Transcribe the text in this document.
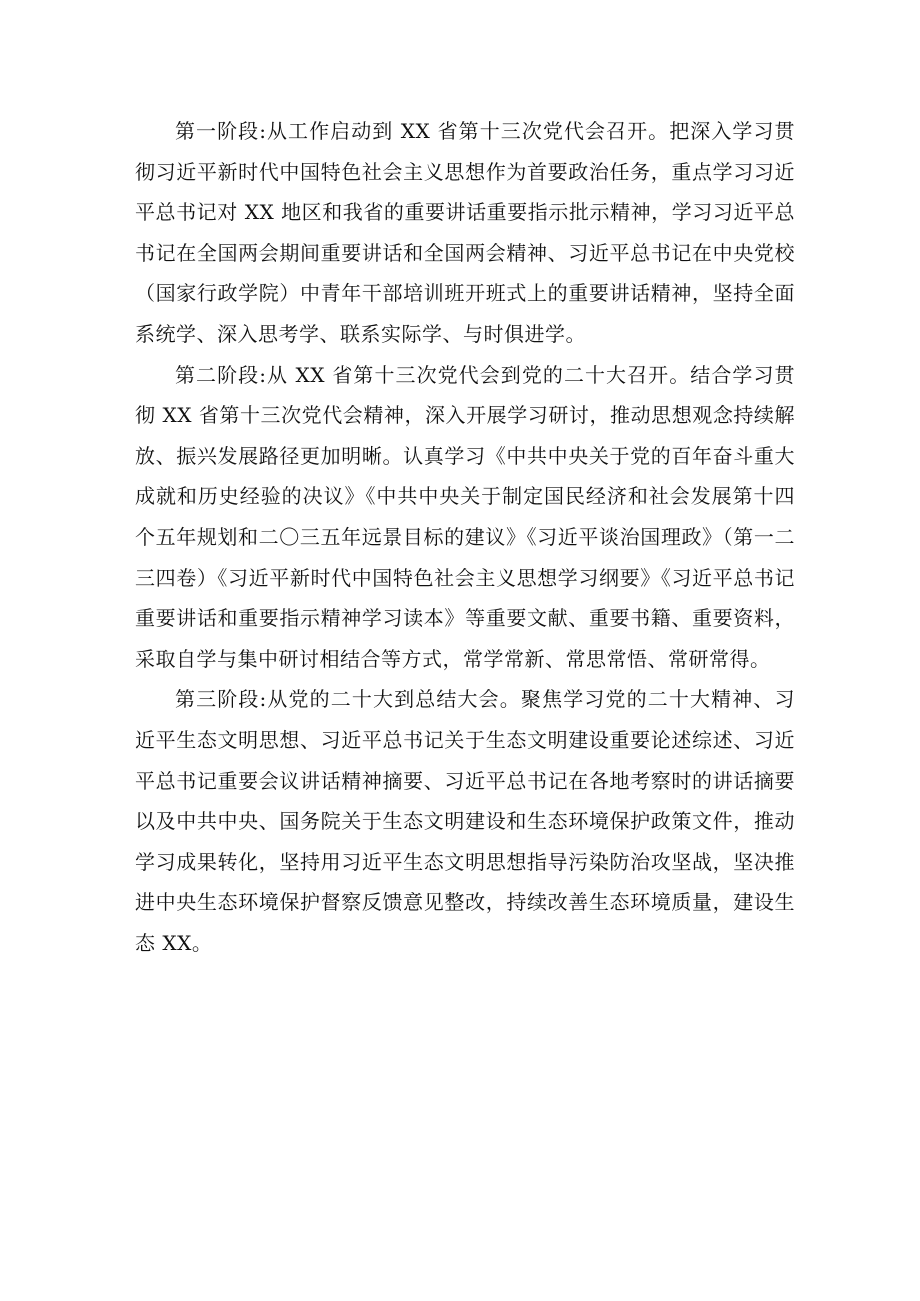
第一阶段:从工作启动到 XX 省第十三次党代会召开。把深入学习贯彻习近平新时代中国特色社会主义思想作为首要政治任务，重点学习习近平总书记对 XX 地区和我省的重要讲话重要指示批示精神，学习习近平总书记在全国两会期间重要讲话和全国两会精神、习近平总书记在中央党校（国家行政学院）中青年干部培训班开班式上的重要讲话精神，坚持全面系统学、深入思考学、联系实际学、与时俱进学。

第二阶段:从 XX 省第十三次党代会到党的二十大召开。结合学习贯彻 XX 省第十三次党代会精神，深入开展学习研讨，推动思想观念持续解放、振兴发展路径更加明晰。认真学习《中共中央关于党的百年奋斗重大成就和历史经验的决议》《中共中央关于制定国民经济和社会发展第十四个五年规划和二〇三五年远景目标的建议》《习近平谈治国理政》（第一二三四卷）《习近平新时代中国特色社会主义思想学习纲要》《习近平总书记重要讲话和重要指示精神学习读本》等重要文献、重要书籍、重要资料，采取自学与集中研讨相结合等方式，常学常新、常思常悟、常研常得。

第三阶段:从党的二十大到总结大会。聚焦学习党的二十大精神、习近平生态文明思想、习近平总书记关于生态文明建设重要论述综述、习近平总书记重要会议讲话精神摘要、习近平总书记在各地考察时的讲话摘要以及中共中央、国务院关于生态文明建设和生态环境保护政策文件，推动学习成果转化，坚持用习近平生态文明思想指导污染防治攻坚战，坚决推进中央生态环境保护督察反馈意见整改，持续改善生态环境质量，建设生态 XX。
